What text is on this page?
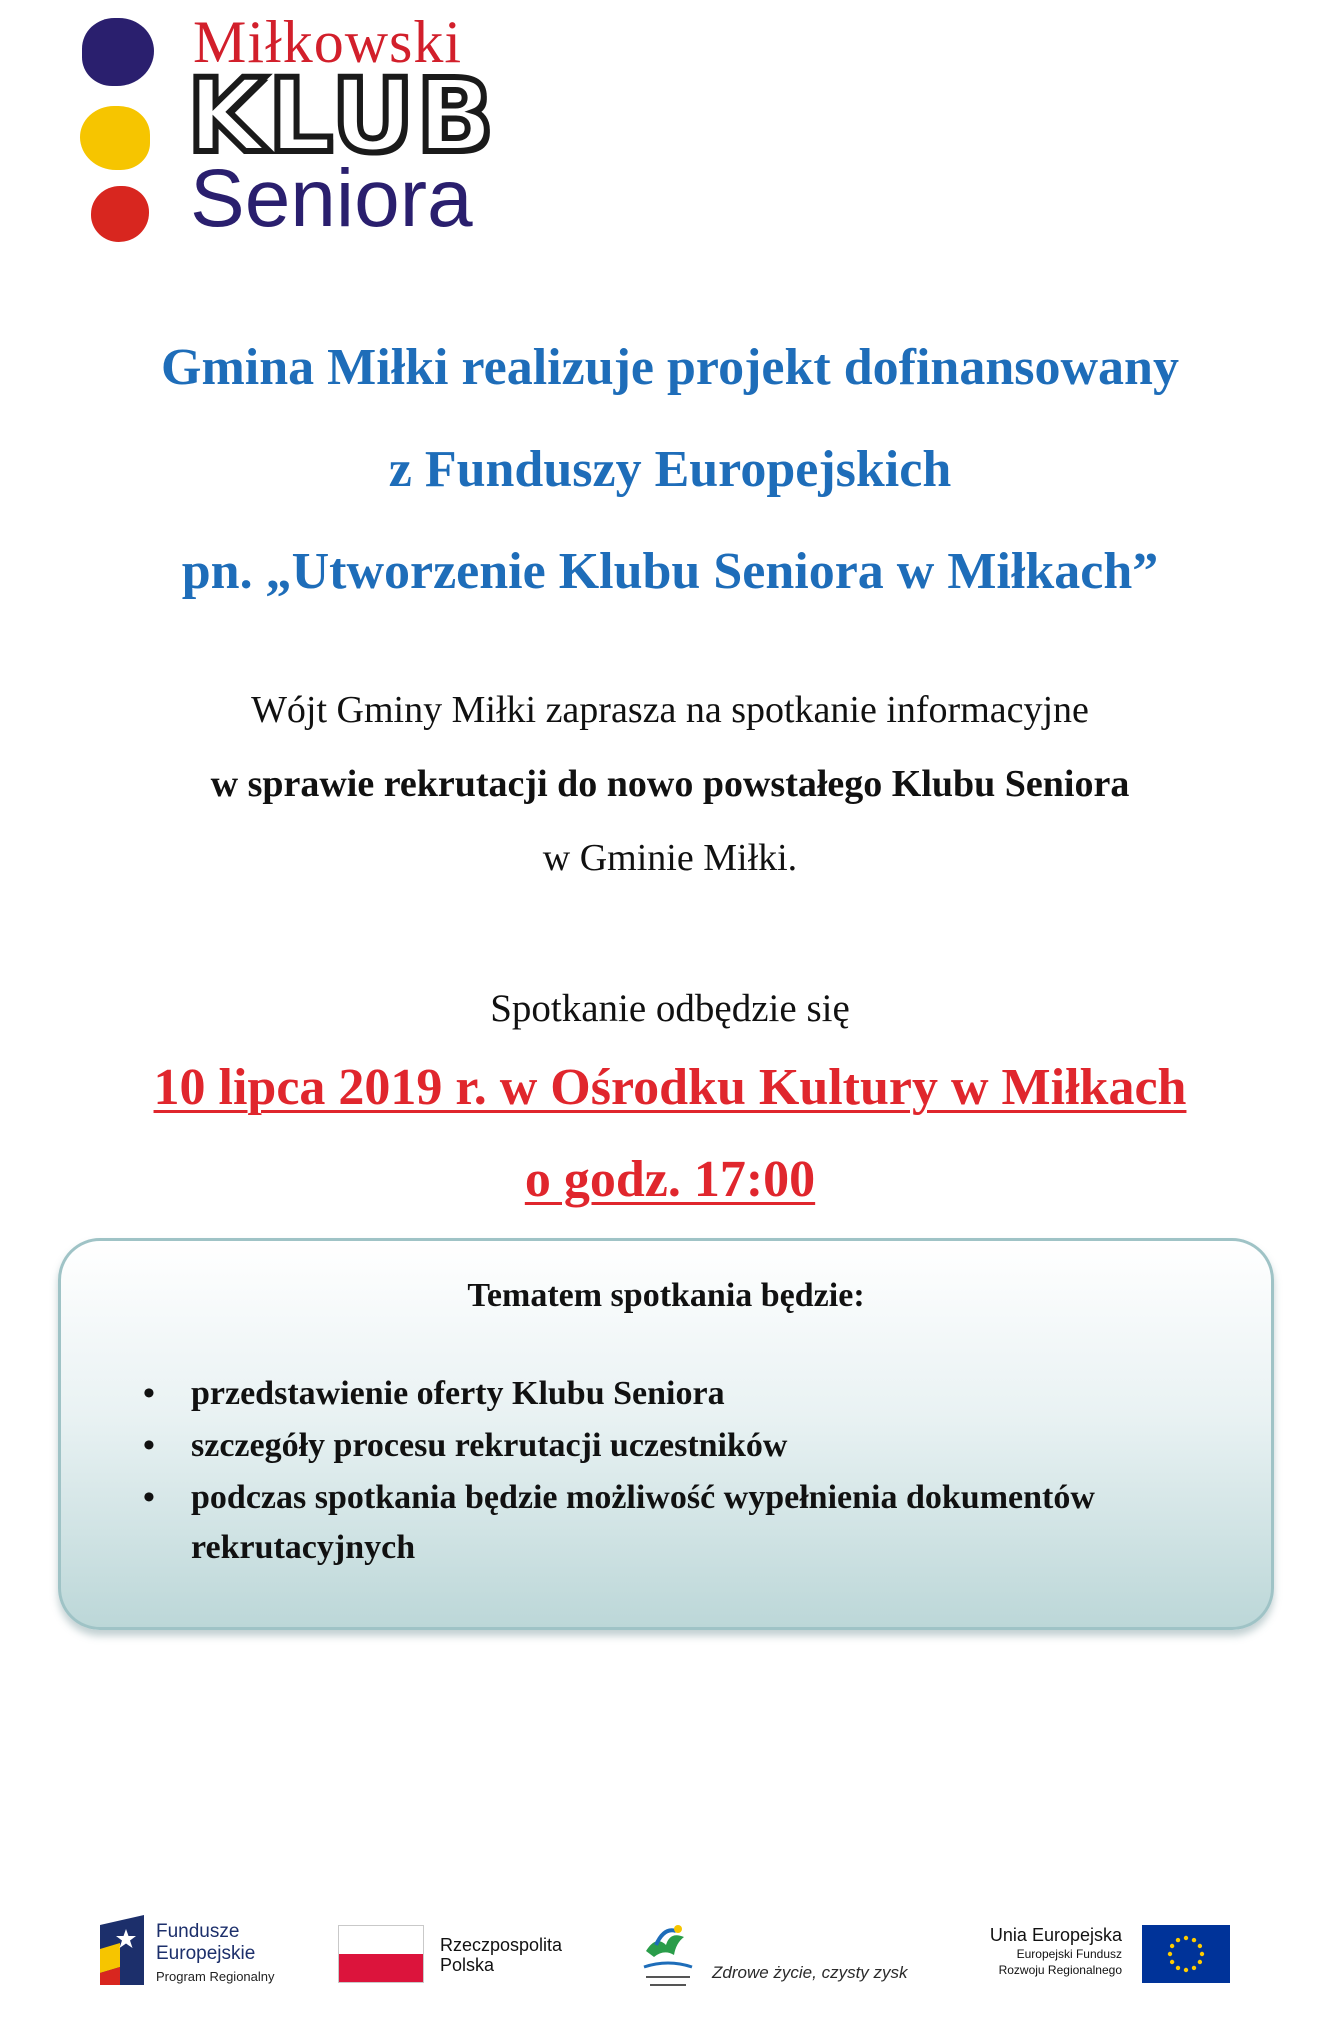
Miłkowski
KLUB
Seniora
Gmina Miłki realizuje projekt dofinansowany
z Funduszy Europejskich
pn. „Utworzenie Klubu Seniora w Miłkach”
Wójt Gminy Miłki zaprasza na spotkanie informacyjne
w sprawie rekrutacji do nowo powstałego Klubu Seniora
w Gminie Miłki.
Spotkanie odbędzie się
10 lipca 2019 r. w Ośrodku Kultury w Miłkach
o godz. 17:00
Tematem spotkania będzie:
• przedstawienie oferty Klubu Seniora
• szczegóły procesu rekrutacji uczestników
• podczas spotkania będzie możliwość wypełnienia dokumentów rekrutacyjnych
Fundusze
Europejskie
Program Regionalny
Rzeczpospolita
Polska	Zdrowe życie, czysty zysk
Unia Europejska
Europejski Fundusz
Rozwoju Regionalnego
